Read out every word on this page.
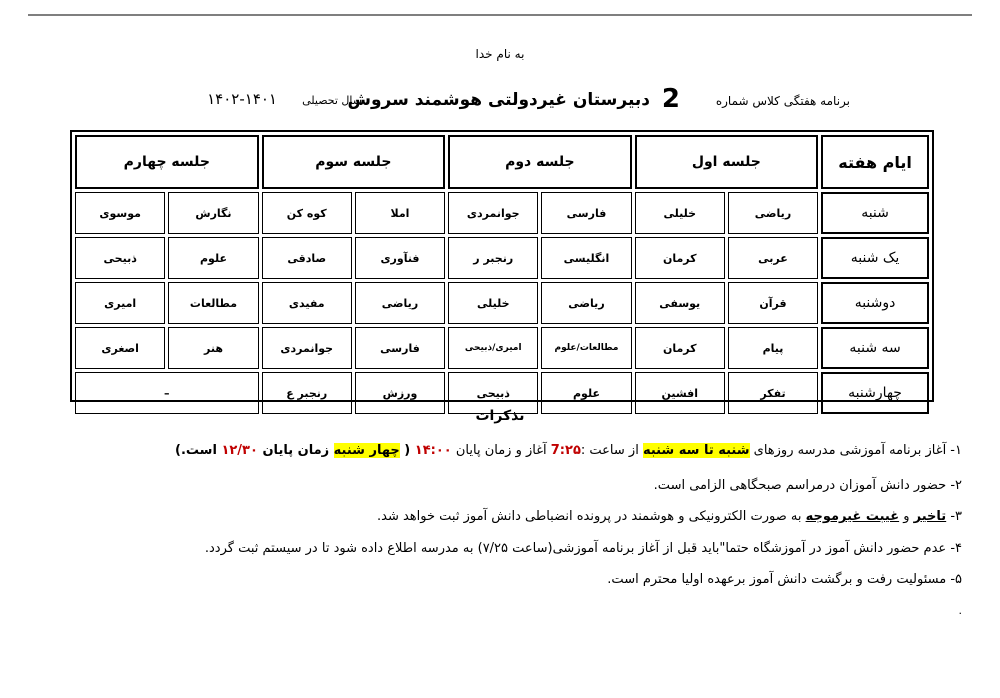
به نام خدا
برنامه هفتگی کلاس شماره
2
دبیرستان غیردولتی هوشمند سروش
سال تحصیلی
۱۴۰۲-۱۴۰۱
ایام هفته	جلسه اول		جلسه دوم		جلسه سوم		جلسه چهارم	
شنبه	ریاضی	خلیلی	فارسی	جوانمردی	املا	کوه کن	نگارش	موسوی
یک شنبه	عربی	کرمان	انگلیسی	رنجبر ر	فنآوری	صادقی	علوم	ذبیحی
دوشنبه	قرآن	یوسفی	ریاضی	خلیلی	ریاضی	مفیدی	مطالعات	امیری
سه شنبه	پیام	کرمان	مطالعات/علوم	امیری/ذبیحی	فارسی	جوانمردی	هنر	اصغری
چهارشنبه	تفکر	افشین	علوم	ذبیحی	ورزش	رنجبر ع	–	
تذکرات
۱- آغاز برنامه آموزشی مدرسه روزهای شنبه تا سه شنبه از ساعت :7:۲۵ آغاز و زمان پایان ۱۴:۰۰ ( چهار شنبه زمان پایان ۱۲/۳۰ است.)
۲- حضور دانش آموزان درمراسم صبحگاهی الزامی است.
۳- تاخیر و غیبت غیرموجه به صورت الکترونیکی و هوشمند در پرونده انضباطی دانش آموز ثبت خواهد شد.
۴- عدم حضور دانش آموز در آموزشگاه حتما"باید قبل از آغاز برنامه آموزشی(ساعت ۷/۲۵) به مدرسه اطلاع داده شود تا در سیستم ثبت گردد.
۵- مسئولیت رفت و برگشت دانش آموز برعهده اولیا محترم است.
.
